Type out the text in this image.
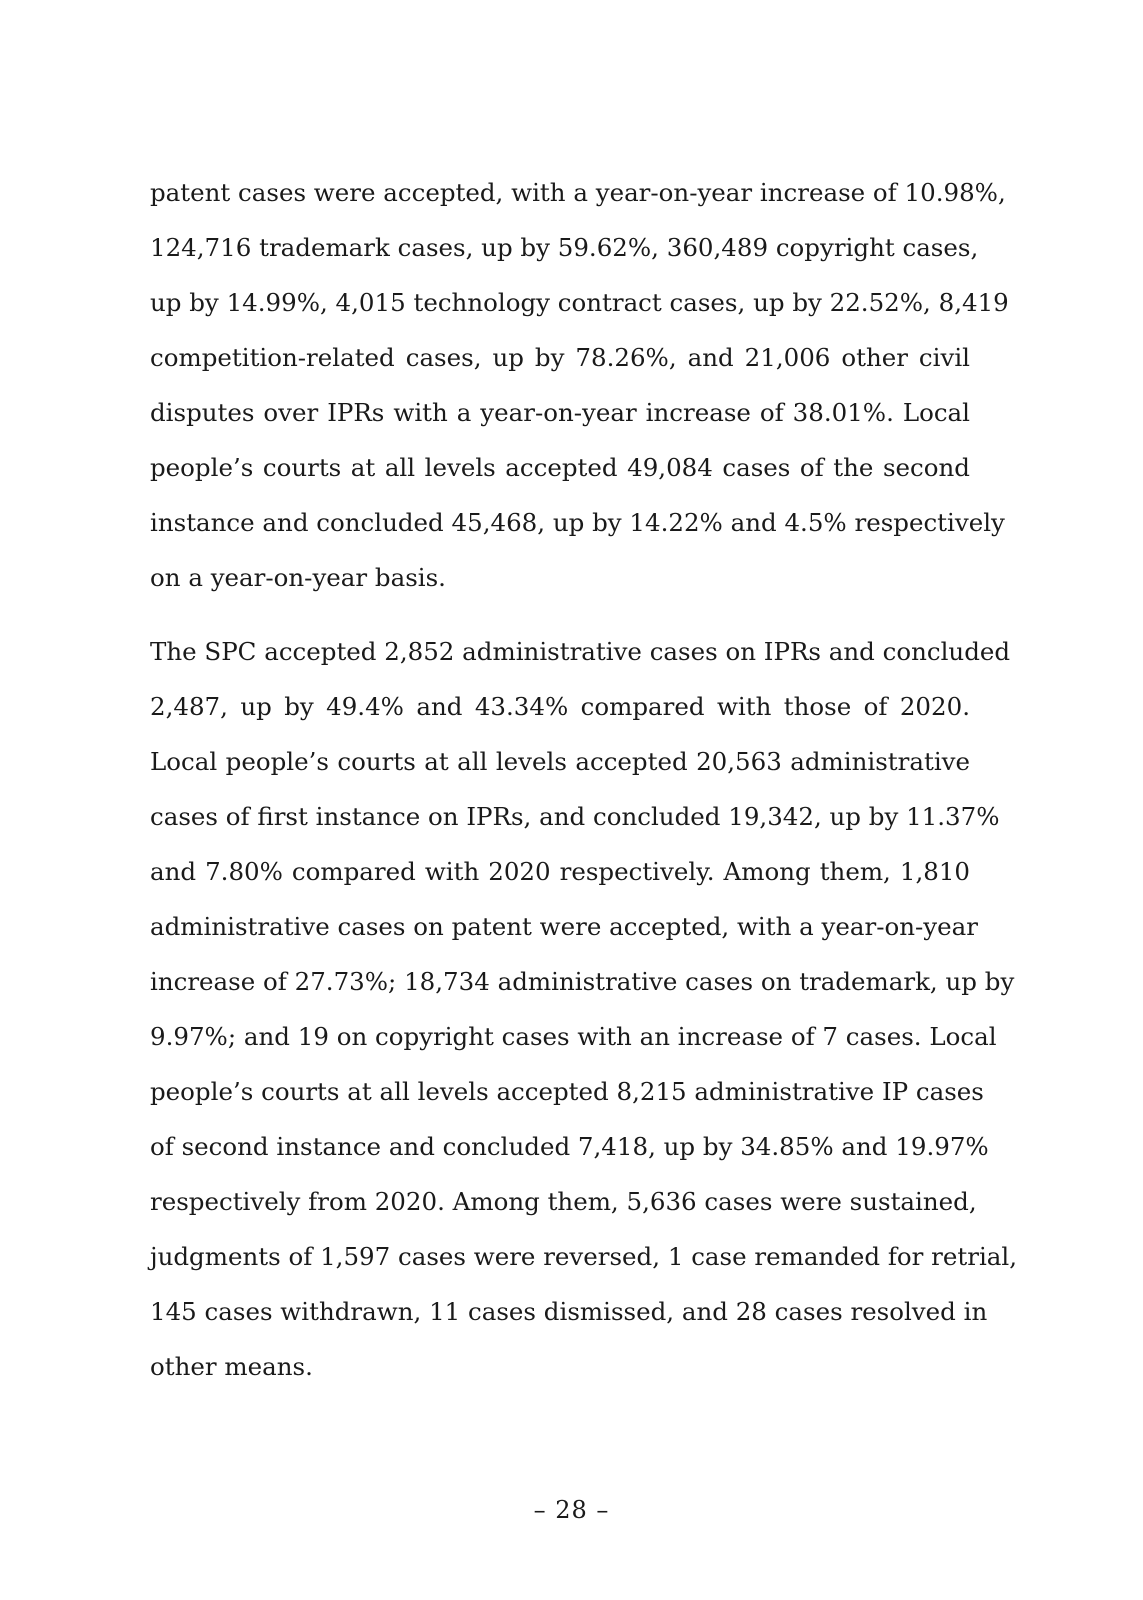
patent cases were accepted, with a year-on-year increase of 10.98%,
124,716 trademark cases, up by 59.62%, 360,489 copyright cases,
up by 14.99%, 4,015 technology contract cases, up by 22.52%, 8,419
competition-related cases, up by 78.26%, and 21,006 other civil
disputes over IPRs with a year-on-year increase of 38.01%. Local
people’s courts at all levels accepted 49,084 cases of the second
instance and concluded 45,468, up by 14.22% and 4.5% respectively
on a year-on-year basis.

The SPC accepted 2,852 administrative cases on IPRs and concluded
2,487, up by 49.4% and 43.34% compared with those of 2020.
Local people’s courts at all levels accepted 20,563 administrative
cases of first instance on IPRs, and concluded 19,342, up by 11.37%
and 7.80% compared with 2020 respectively. Among them, 1,810
administrative cases on patent were accepted, with a year-on-year
increase of 27.73%; 18,734 administrative cases on trademark, up by
9.97%; and 19 on copyright cases with an increase of 7 cases. Local
people’s courts at all levels accepted 8,215 administrative IP cases
of second instance and concluded 7,418, up by 34.85% and 19.97%
respectively from 2020. Among them, 5,636 cases were sustained,
judgments of 1,597 cases were reversed, 1 case remanded for retrial,
145 cases withdrawn, 11 cases dismissed, and 28 cases resolved in
other means.

– 28 –
